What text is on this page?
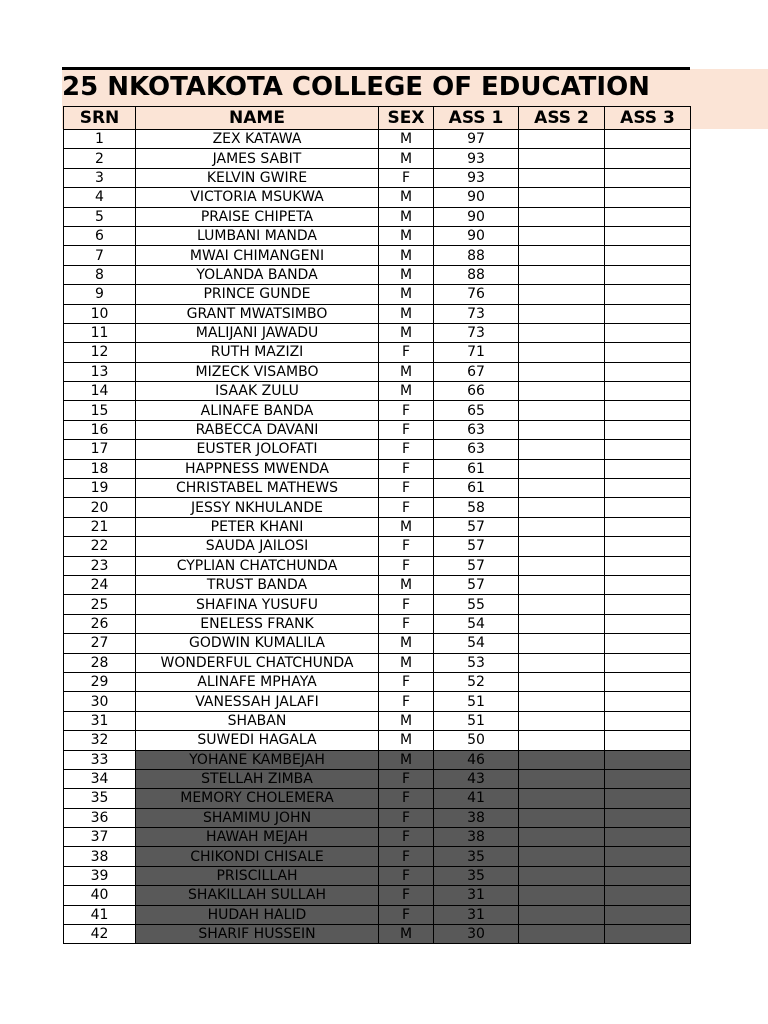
25 NKOTAKOTA COLLEGE OF EDUCATION
SRN	NAME	SEX	ASS 1	ASS 2	ASS 3
1	ZEX KATAWA	M	97		
2	JAMES SABIT	M	93		
3	KELVIN GWIRE	F	93		
4	VICTORIA MSUKWA	M	90		
5	PRAISE CHIPETA	M	90		
6	LUMBANI MANDA	M	90		
7	MWAI CHIMANGENI	M	88		
8	YOLANDA BANDA	M	88		
9	PRINCE GUNDE	M	76		
10	GRANT MWATSIMBO	M	73		
11	MALIJANI JAWADU	M	73		
12	RUTH MAZIZI	F	71		
13	MIZECK VISAMBO	M	67		
14	ISAAK ZULU	M	66		
15	ALINAFE BANDA	F	65		
16	RABECCA DAVANI	F	63		
17	EUSTER JOLOFATI	F	63		
18	HAPPNESS MWENDA	F	61		
19	CHRISTABEL MATHEWS	F	61		
20	JESSY NKHULANDE	F	58		
21	PETER KHANI	M	57		
22	SAUDA JAILOSI	F	57		
23	CYPLIAN CHATCHUNDA	F	57		
24	TRUST BANDA	M	57		
25	SHAFINA YUSUFU	F	55		
26	ENELESS FRANK	F	54		
27	GODWIN KUMALILA	M	54		
28	WONDERFUL CHATCHUNDA	M	53		
29	ALINAFE MPHAYA	F	52		
30	VANESSAH JALAFI	F	51		
31	SHABAN	M	51		
32	SUWEDI HAGALA	M	50		
33	YOHANE KAMBEJAH	M	46		
34	STELLAH ZIMBA	F	43		
35	MEMORY CHOLEMERA	F	41		
36	SHAMIMU JOHN	F	38		
37	HAWAH MEJAH	F	38		
38	CHIKONDI CHISALE	F	35		
39	PRISCILLAH	F	35		
40	SHAKILLAH SULLAH	F	31		
41	HUDAH HALID	F	31		
42	SHARIF HUSSEIN	M	30		
